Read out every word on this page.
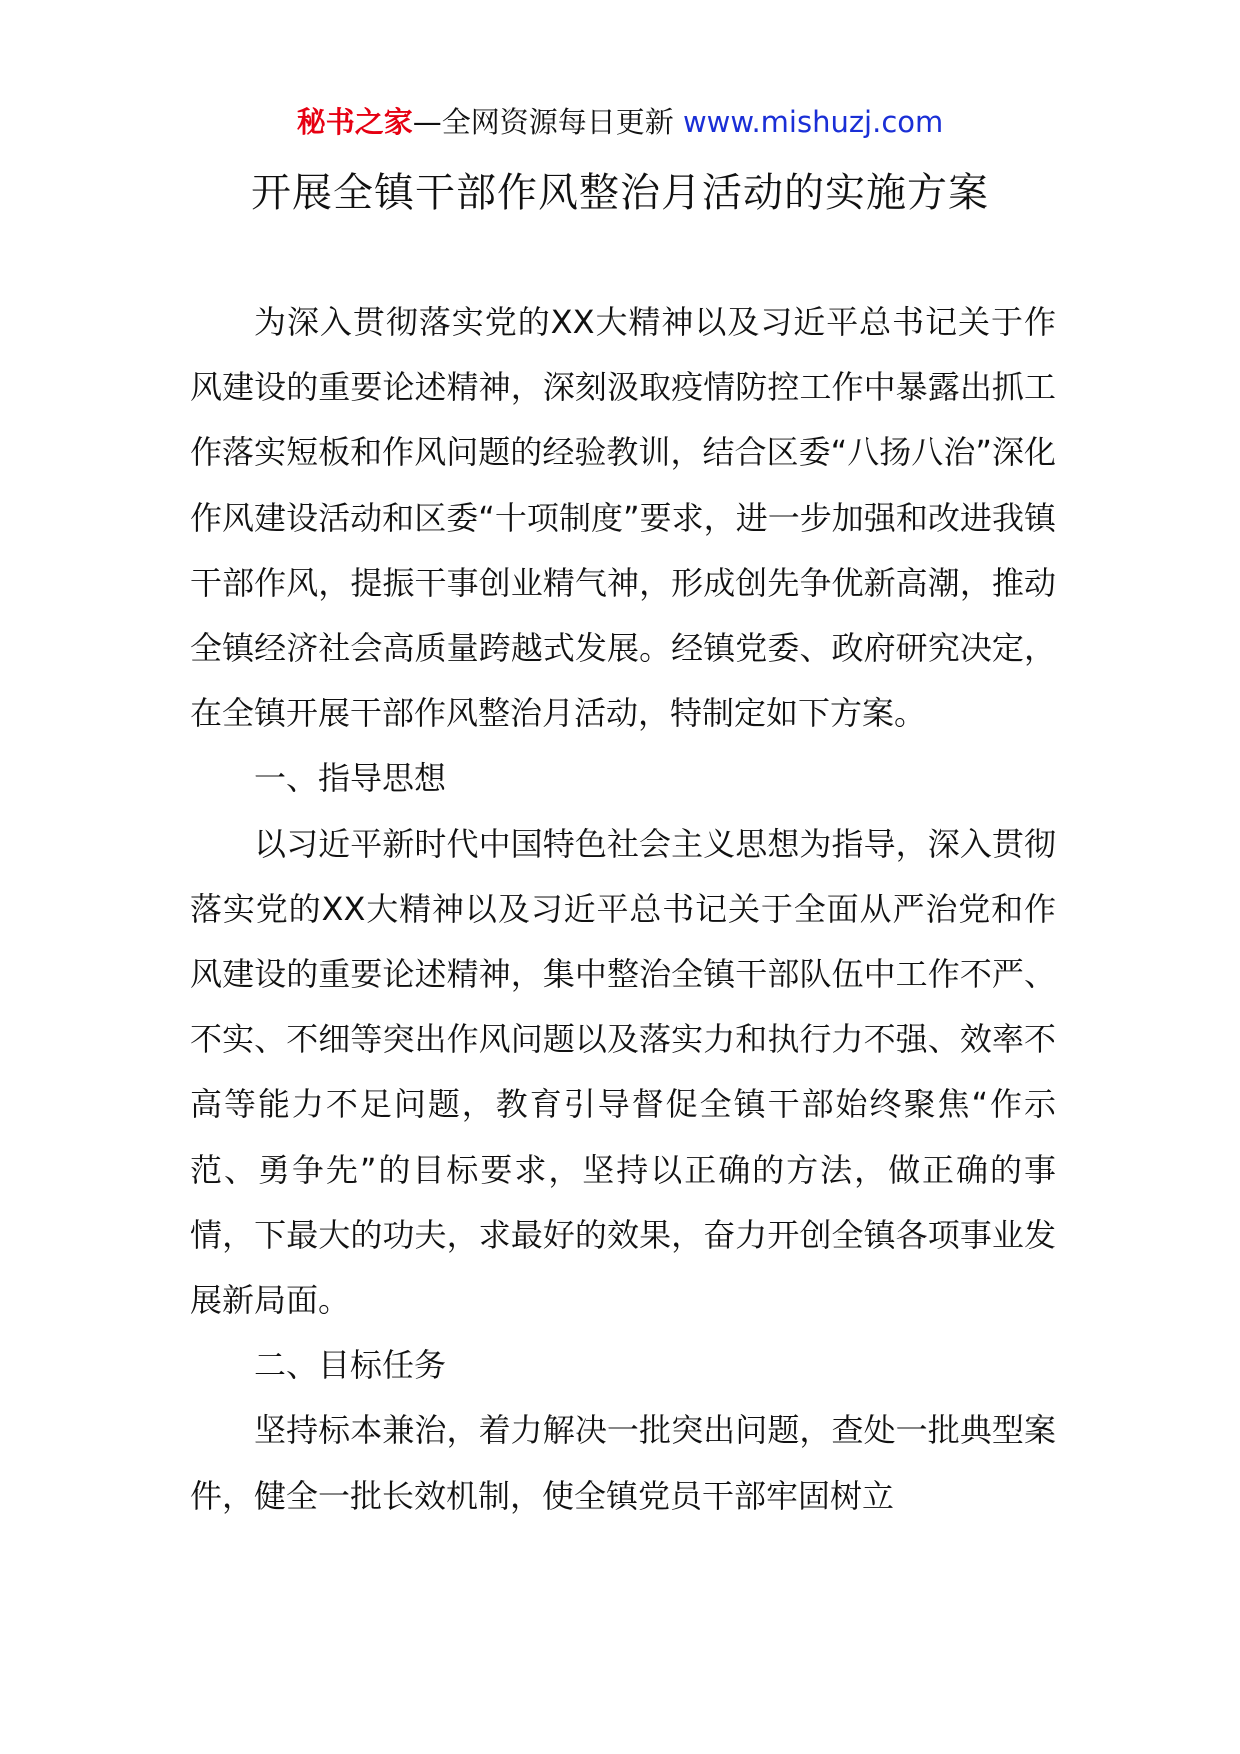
秘书之家—全网资源每日更新 www.mishuzj.com
开展全镇干部作风整治月活动的实施方案

为深入贯彻落实党的XX大精神以及习近平总书记关于作风建设的重要论述精神，深刻汲取疫情防控工作中暴露出抓工作落实短板和作风问题的经验教训，结合区委“八扬八治”深化作风建设活动和区委“十项制度”要求，进一步加强和改进我镇干部作风，提振干事创业精气神，形成创先争优新高潮，推动全镇经济社会高质量跨越式发展。经镇党委、政府研究决定，在全镇开展干部作风整治月活动，特制定如下方案。

一、指导思想

以习近平新时代中国特色社会主义思想为指导，深入贯彻落实党的XX大精神以及习近平总书记关于全面从严治党和作风建设的重要论述精神，集中整治全镇干部队伍中工作不严、不实、不细等突出作风问题以及落实力和执行力不强、效率不高等能力不足问题，教育引导督促全镇干部始终聚焦“作示范、勇争先”的目标要求，坚持以正确的方法，做正确的事情，下最大的功夫，求最好的效果，奋力开创全镇各项事业发展新局面。

二、目标任务

坚持标本兼治，着力解决一批突出问题，查处一批典型案件，健全一批长效机制，使全镇党员干部牢固树立
